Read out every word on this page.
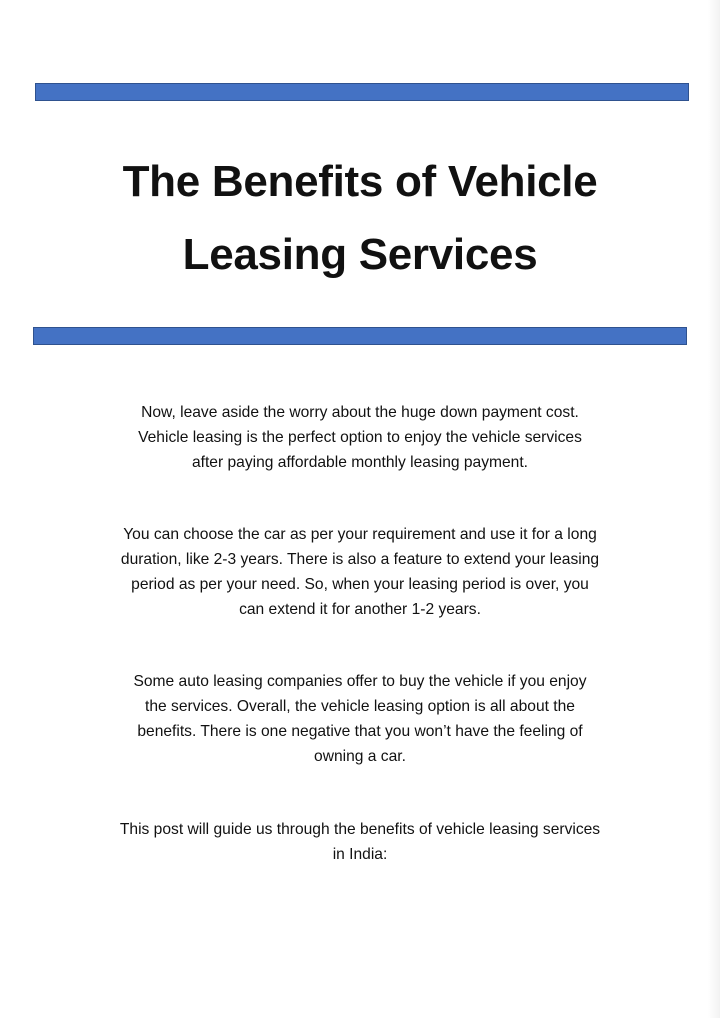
The Benefits of Vehicle
Leasing Services

Now, leave aside the worry about the huge down payment cost.
Vehicle leasing is the perfect option to enjoy the vehicle services
after paying affordable monthly leasing payment.

You can choose the car as per your requirement and use it for a long
duration, like 2-3 years. There is also a feature to extend your leasing
period as per your need. So, when your leasing period is over, you
can extend it for another 1-2 years.

Some auto leasing companies offer to buy the vehicle if you enjoy
the services. Overall, the vehicle leasing option is all about the
benefits. There is one negative that you won’t have the feeling of
owning a car.

This post will guide us through the benefits of vehicle leasing services
in India:
